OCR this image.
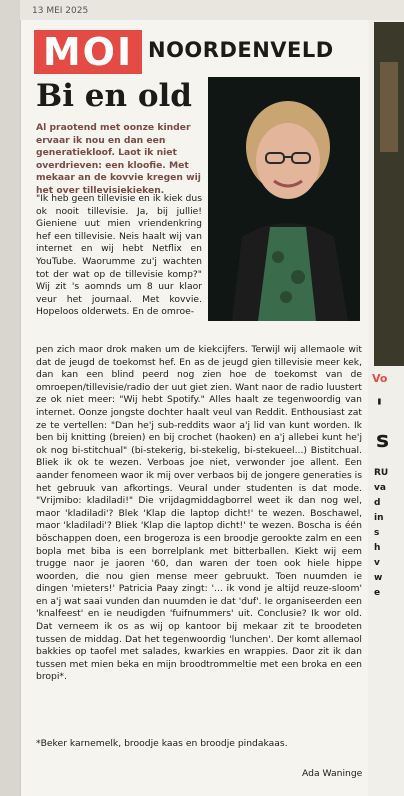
13 MEI 2025
MOI NOORDENVELD
Bi en old
Al praotend met oonze kinder ervaar ik nou en dan een generatiekloof. Laot ik niet overdrieven: een kloofie. Met mekaar an de kovvie kregen wij het over tillevisiekieken.
"Ik heb geen tillevisie en ik kiek dus ok nooit tillevisie. Ja, bij jullie! Gieniene uut mien vriendenkring hef een tillevisie. Neis haalt wij van internet en wij hebt Netflix en YouTube. Waorumme zu'j wachten tot der wat op de tillevisie komp?" Wij zit 's aomnds um 8 uur klaor veur het journaal. Met kovvie. Hopeloos olderwets. En de omroe-
pen zich maor drok maken um de kiekcijfers. Terwijl wij allemaole wit dat de jeugd de toekomst hef. En as de jeugd gien tillevisie meer kek, dan kan een blind peerd nog zien hoe de toekomst van de omroepen/tillevisie/radio der uut giet zien. Want naor de radio luustert ze ok niet meer: "Wij hebt Spotify." Alles haalt ze tegenwoordig van internet. Oonze jongste dochter haalt veul van Reddit. Enthousiast zat ze te vertellen: "Dan he'j sub-reddits waor a'j lid van kunt worden. Ik ben bij knitting (breien) en bij crochet (haoken) en a'j allebei kunt he'j ok nog bi-stitchual" (bi-stekerig, bi-stekelig, bi-stekueel...) Bistitchual. Bliek ik ok te wezen. Verboas joe niet, verwonder joe allent. Een aander fenomeen waor ik mij over verbaos bij de jongere generaties is het gebruuk van afkortings. Veural under studenten is dat mode. "Vrijmibo: kladiladi!" Die vrijdagmiddagborrel weet ik dan nog wel, maor 'kladiladi'? Blek 'Klap die laptop dicht!' te wezen. Boschawel, maor 'kladiladi'? Bliek 'Klap die laptop dicht!' te wezen. Boscha is één böschappen doen, een brogeroza is een broodje gerookte zalm en een bopla met biba is een borrelplank met bitterballen. Kiekt wij eem trugge naor je jaoren '60, dan waren der toen ook hiele hippe woorden, die nou gien mense meer gebruukt. Toen nuumden ie dingen 'mieters!' Patricia Paay zingt: '... ik vond je altijd reuze-sloom' en a'j wat saai vunden dan nuumden ie dat 'duf'. Ie organiseerden een 'knalfeest' en ie neudigden 'fuifnummers' uit. Conclusie? Ik wor old. Dat verneem ik os as wij op kantoor bij mekaar zit te broodeten tussen de middag. Dat het tegenwoordig 'lunchen'. Der komt allemaol bakkies op taofel met salades, kwarkies en wrappies. Daor zit ik dan tussen met mien beka en mijn broodtrommeltie met een broka en een bropi*.
*Beker karnemelk, broodje kaas en broodje pindakaas.
Ada Waninge
Vo
'
s
RU
va
d
in
s
h
v
w
e
